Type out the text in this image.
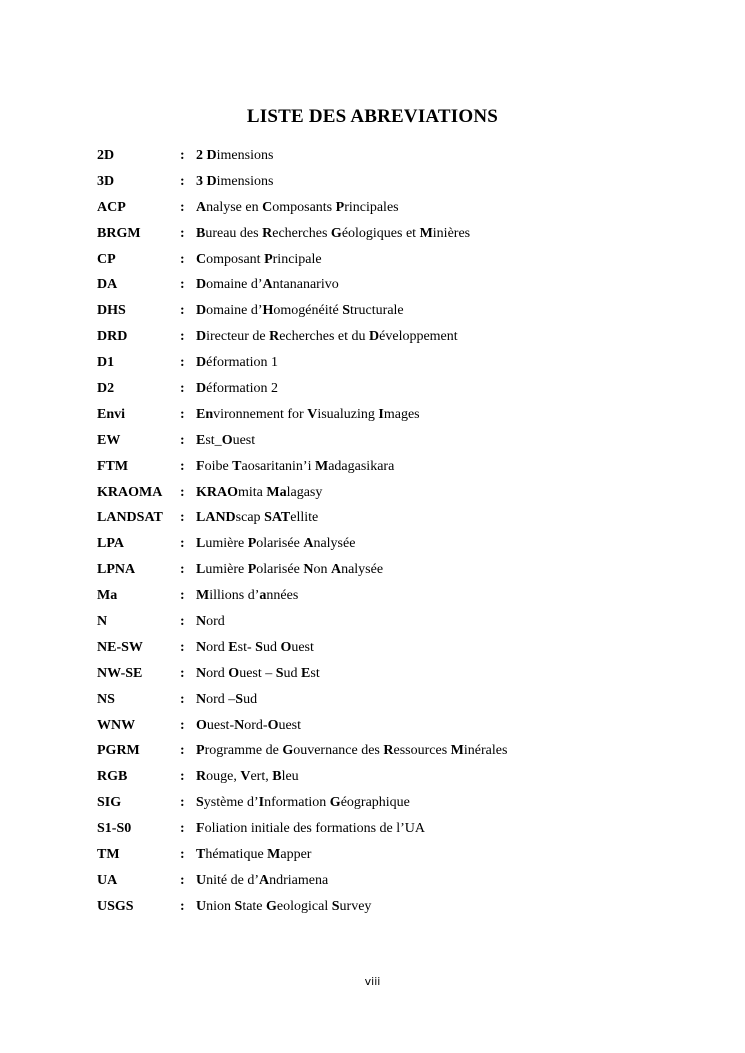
LISTE DES ABREVIATIONS
2D	: 2 Dimensions
3D	: 3 Dimensions
ACP	: Analyse en Composants Principales
BRGM	: Bureau des Recherches Géologiques et Minières
CP	: Composant Principale
DA	: Domaine d’Antananarivo
DHS	: Domaine d’Homogénéité Structurale
DRD	: Directeur de Recherches et du Développement
D1	: Déformation 1
D2	: Déformation 2
Envi	: Environnement for Visualuzing Images
EW	: Est_Ouest
FTM	: Foibe Taosaritanin’i Madagasikara
KRAOMA	: KRAOmita Malagasy
LANDSAT	: LANDscap SATellite
LPA	: Lumière Polarisée Analysée
LPNA	: Lumière Polarisée Non Analysée
Ma	: Millions d’années
N	: Nord
NE-SW	: Nord Est- Sud Ouest
NW-SE	: Nord Ouest – Sud Est
NS	: Nord –Sud
WNW	: Ouest-Nord-Ouest
PGRM	: Programme de Gouvernance des Ressources Minérales
RGB	: Rouge, Vert, Bleu
SIG	: Système d’Information Géographique
S1-S0	: Foliation initiale des formations de l’UA
TM	: Thématique Mapper
UA	: Unité de d’Andriamena
USGS	: Union State Geological Survey
viii
